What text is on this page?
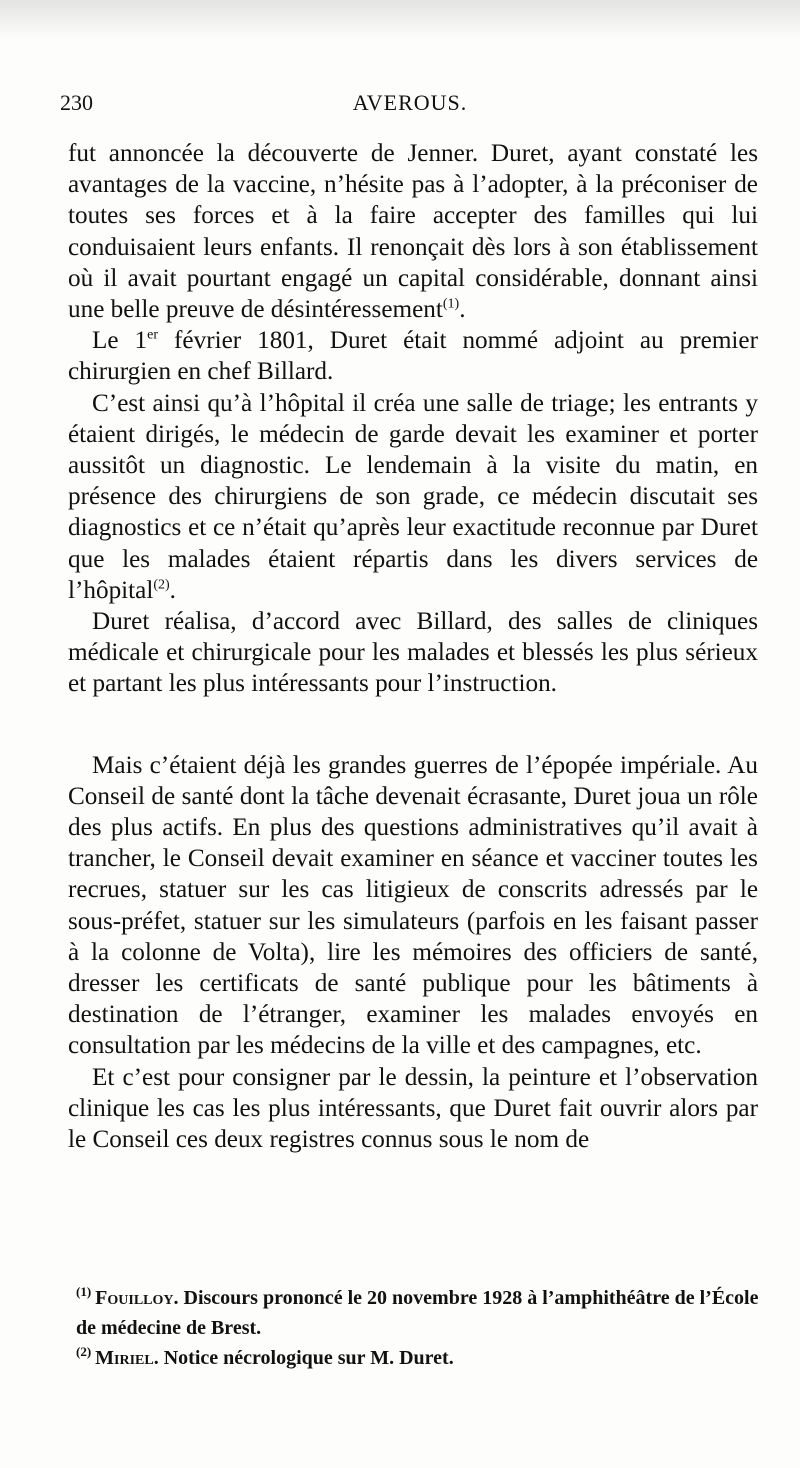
230	AVEROUS.

fut annoncée la découverte de Jenner. Duret, ayant constaté les avantages de la vaccine, n’hésite pas à l’adopter, à la préconiser de toutes ses forces et à la faire accepter des familles qui lui conduisaient leurs enfants. Il renonçait dès lors à son établissement où il avait pourtant engagé un capital considérable, donnant ainsi une belle preuve de désintéressement$^{(1)}$.

Le 1er février 1801, Duret était nommé adjoint au premier chirurgien en chef Billard.

C’est ainsi qu’à l’hôpital il créa une salle de triage; les entrants y étaient dirigés, le médecin de garde devait les examiner et porter aussitôt un diagnostic. Le lendemain à la visite du matin, en présence des chirurgiens de son grade, ce médecin discutait ses diagnostics et ce n’était qu’après leur exactitude reconnue par Duret que les malades étaient répartis dans les divers services de l’hôpital$^{(2)}$.

Duret réalisa, d’accord avec Billard, des salles de cliniques médicale et chirurgicale pour les malades et blessés les plus sérieux et partant les plus intéressants pour l’instruction.

Mais c’étaient déjà les grandes guerres de l’épopée impériale. Au Conseil de santé dont la tâche devenait écrasante, Duret joua un rôle des plus actifs. En plus des questions administratives qu’il avait à trancher, le Conseil devait examiner en séance et vacciner toutes les recrues, statuer sur les cas litigieux de conscrits adressés par le sous-préfet, statuer sur les simulateurs (parfois en les faisant passer à la colonne de Volta), lire les mémoires des officiers de santé, dresser les certificats de santé publique pour les bâtiments à destination de l’étranger, examiner les malades envoyés en consultation par les médecins de la ville et des campagnes, etc.

Et c’est pour consigner par le dessin, la peinture et l’observation clinique les cas les plus intéressants, que Duret fait ouvrir alors par le Conseil ces deux registres connus sous le nom de

$^{(1)}$ Fouilloy. Discours prononcé le 20 novembre 1928 à l’amphithéâtre de l’École de médecine de Brest.

$^{(2)}$ Miriel. Notice nécrologique sur M. Duret.
